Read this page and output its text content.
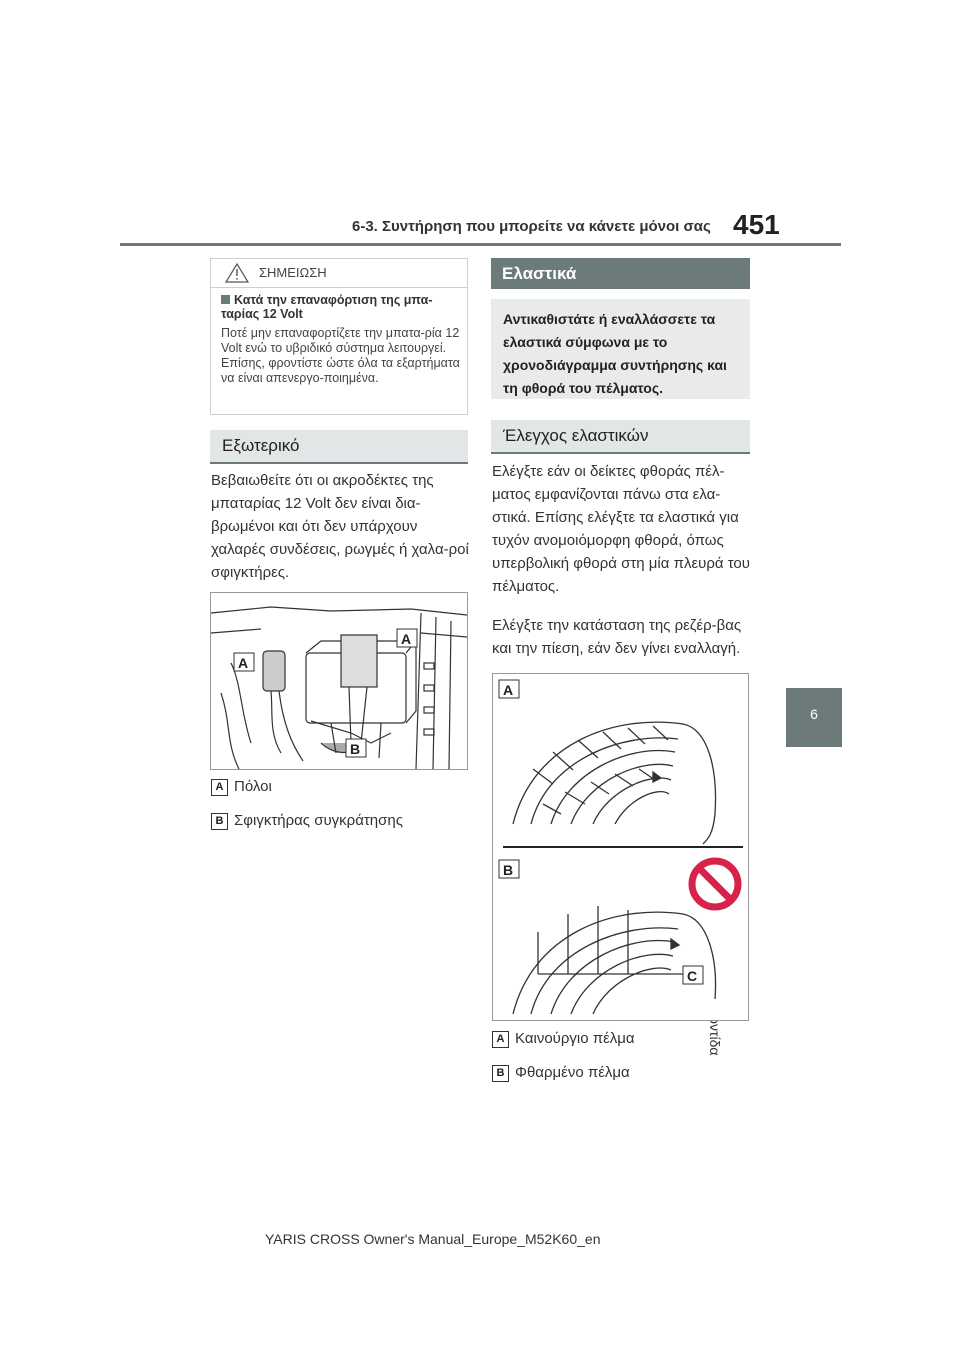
6-3. Συντήρηση που μπορείτε να κάνετε μόνοι σας 451
6
ΣΗΜΕΙΩΣΗ
Κατά την επαναφόρτιση της μπα-ταρίας 12 Volt
Ποτέ μην επαναφορτίζετε την μπατα-ρία 12 Volt ενώ το υβριδικό σύστημα λειτουργεί. Επίσης, φροντίστε ώστε όλα τα εξαρτήματα να είναι απενεργο-ποιημένα.
Εξωτερικό
Βεβαιωθείτε ότι οι ακροδέκτες της μπαταρίας 12 Volt δεν είναι δια-βρωμένοι και ότι δεν υπάρχουν χαλαρές συνδέσεις, ρωγμές ή χαλα-ροί σφιγκτήρες.
A
A
B
A Πόλοι
B Σφιγκτήρας συγκράτησης
Ελαστικά
Αντικαθιστάτε ή εναλλάσσετε τα ελαστικά σύμφωνα με το χρονοδιάγραμμα συντήρησης και τη φθορά του πέλματος.
Έλεγχος ελαστικών
Ελέγξτε εάν οι δείκτες φθοράς πέλ-ματος εμφανίζονται πάνω στα ελα-στικά. Επίσης ελέγξτε τα ελαστικά για τυχόν ανομοιόμορφη φθορά, όπως υπερβολική φθορά στη μία πλευρά του πέλματος.
Ελέγξτε την κατάσταση της ρεζέρ-βας και την πίεση, εάν δεν γίνει εναλλαγή.
A
B
C
A Καινούργιο πέλμα
B Φθαρμένο πέλμα
YARIS CROSS Owner's Manual_Europe_M52K60_en
